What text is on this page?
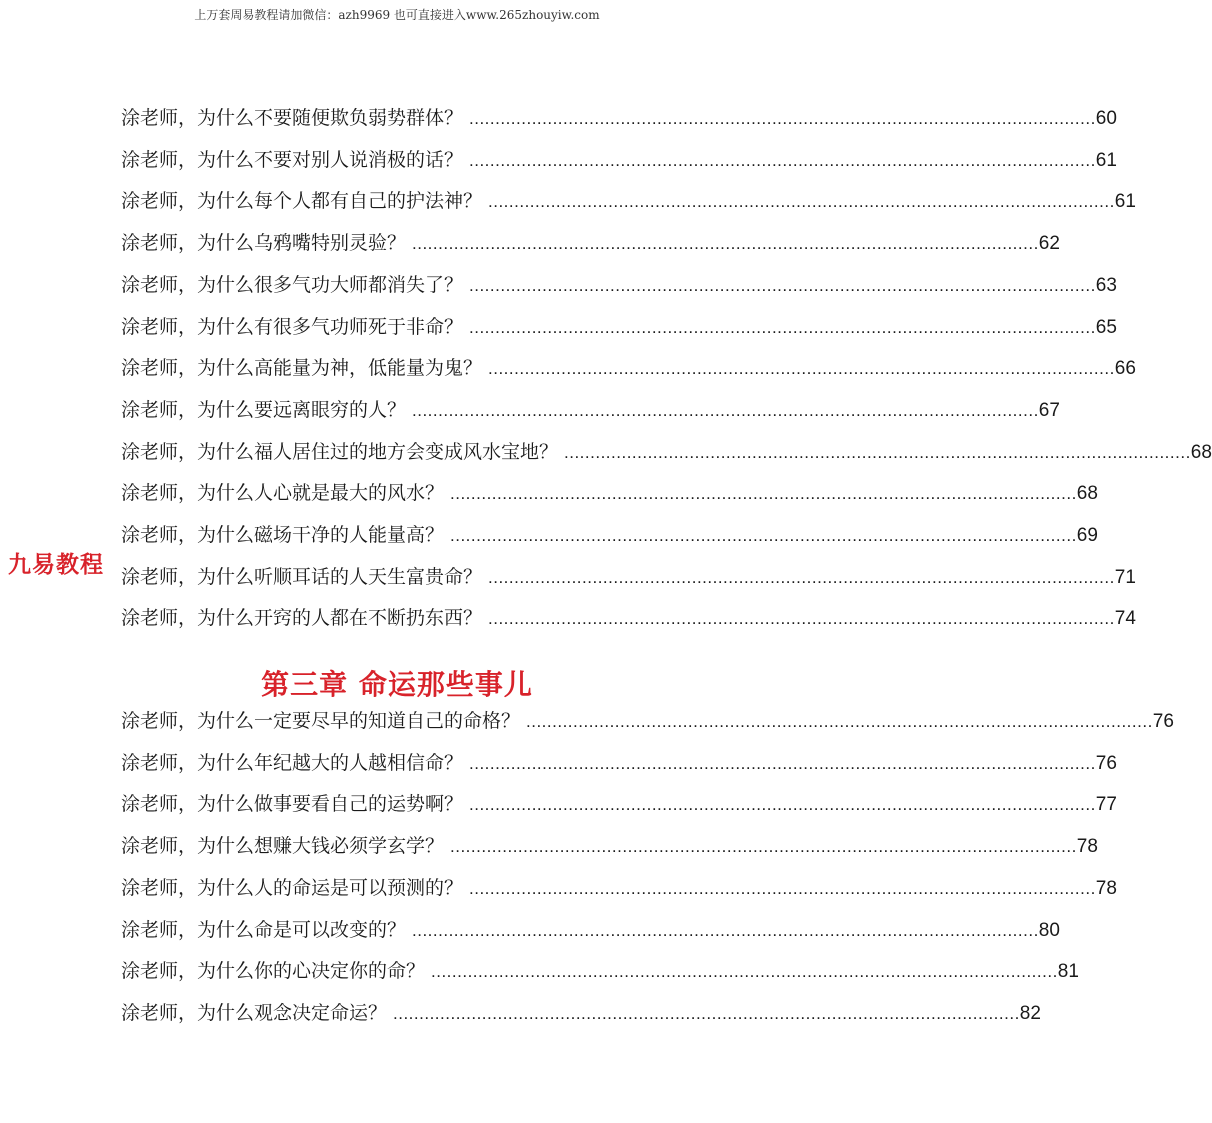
上万套周易教程请加微信：azh9969 也可直接进入www.265zhouyiw.com
九易教程
涂老师，为什么不要随便欺负弱势群体？ ........................................................................................................................ 60
涂老师，为什么不要对别人说消极的话？ ........................................................................................................................ 61
涂老师，为什么每个人都有自己的护法神？ ........................................................................................................................ 61
涂老师，为什么乌鸦嘴特别灵验？ ........................................................................................................................ 62
涂老师，为什么很多气功大师都消失了？ ........................................................................................................................ 63
涂老师，为什么有很多气功师死于非命？ ........................................................................................................................ 65
涂老师，为什么高能量为神，低能量为鬼？ ........................................................................................................................ 66
涂老师，为什么要远离眼穷的人？ ........................................................................................................................ 67
涂老师，为什么福人居住过的地方会变成风水宝地？ ........................................................................................................................ 68
涂老师，为什么人心就是最大的风水？ ........................................................................................................................ 68
涂老师，为什么磁场干净的人能量高？ ........................................................................................................................ 69
涂老师，为什么听顺耳话的人天生富贵命？ ........................................................................................................................ 71
涂老师，为什么开窍的人都在不断扔东西？ ........................................................................................................................ 74
第三章 命运那些事儿
涂老师，为什么一定要尽早的知道自己的命格？ ........................................................................................................................ 76
涂老师，为什么年纪越大的人越相信命？ ........................................................................................................................ 76
涂老师，为什么做事要看自己的运势啊？ ........................................................................................................................ 77
涂老师，为什么想赚大钱必须学玄学？ ........................................................................................................................ 78
涂老师，为什么人的命运是可以预测的？ ........................................................................................................................ 78
涂老师，为什么命是可以改变的？ ........................................................................................................................ 80
涂老师，为什么你的心决定你的命？ ........................................................................................................................ 81
涂老师，为什么观念决定命运？ ........................................................................................................................ 82
